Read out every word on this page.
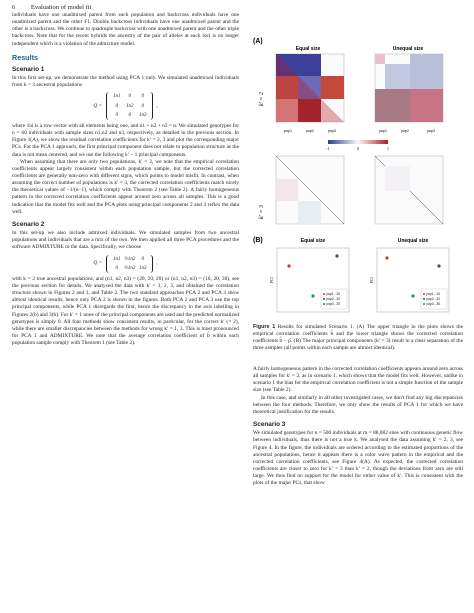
6 Evaluation of model fit

individuals have one unadmixed parent from each population and backcross individuals have one unadmixed parent and the other F1. Double backcross individuals have one unadmixed parent and the other is a backcross. We continue to quadruple backcross with one unadmixed parent and the other triple backcross. Note that for the recent hybrids the ancestry of the pair of alleles at each loci is no longer independent which is a violation of the admixture model.

Results
Scenario 1

In this first set-up, we demonstrate the method using PCA 1 only. We simulated unadmixed individuals from k = 3 ancestral populations

Q =
1n1	0	0
0	1n2	0
0	0	1n3
,

where 1ni is a row vector with all elements being one, and n1 + n2 + n3 = n. We simulated genotypes for n = 60 individuals with sample sizes n1,n2 and n3, respectively, as detailed in the previous section. In Figure 1(A), we show the residual correlation coefficients for k′ = 2, 3 and plot the corresponding major PCs. For the PCA 1 approach, the first principal component does not relate to population structure as the data is not mean centered, and we use the following k′ − 1 principal components.

When assuming that there are only two populations, k′ = 2, we note that the empirical correlation coefficients appear largely consistent within each population sample, but the corrected correlation coefficients are generally non-zero with different signs, which points to model misfit. In contrast, when assuming the correct number of populations is k′ = 3, the corrected correlation coefficients match nicely the theoretical values of −1/(n−1), which comply with Theorem 2 (see Table 2). A fairly homogeneous pattern in the corrected correlation coefficients appear around zero across all samples. This is a good indication that the model fits well and the PCA plots using principal components 2 and 3 reflex the data well.

Scenario 2

In this set-up we also include admixed individuals. We simulated samples from two ancestral populations and individuals that are a mix of the two. We then applied all three PCA procedures and the software ADMIXTURE to the data. Specifically, we choose

Q =
1n1 ½1n2	0
0	½1n2 1n3
,

with k = 2 true ancestral populations, and (n1, n2, n3) = (20, 20, 20) or (n1, n2, n3) = (10, 20, 30), see the previous section for details. We analysed the data with k′ = 1, 2, 3, and obtained the correlation structure shown in Figures 2 and 3, and Table 2. The two standard approaches PCA 2 and PCA 3 show almost identical results, hence only PCA 2 is shown in the figures. Both PCA 2 and PCA 3 use the top principal components, while PCA 1 disregards the first, hence the discrepancy in the axis labelling in Figures 2(b) and 3(b). For k′ = 1 none of the principal components are used and the predicted normalized genotypes is simply 0. All four methods show consistent results, in particular, for the correct k′ (= 2), while there are smaller discrepancies between the methods for wrong k′ = 1, 3. This is most pronounced for PCA 1 and ADMIXTURE. We note that the average correlation coefficient of b̂ within each population sample comply with Theorem 1 (see Table 2).

(A)
Equal size	Unequal size
k′ = 2
k′ = 3
pop1	pop2	pop3	pop1	pop2	pop3
-1	0	1
(B)	Equal size	Unequal size
PC3
pop1 - 20
pop2 - 20
pop3 - 20
PC3
pop1 - 10
pop2 - 20
pop3 - 30
Figure 1 Results for simulated Scenario 1. (A) The upper triangle in the plots shows the empirical correlation coefficients b̂ and the lower triangle shows the corrected correlation coefficients b̂ − ρ̂. (B) The major principal components (k′ = 3) result in a clear separation of the three samples (all points within each sample are almost identical).

A fairly homogeneous pattern in the corrected correlation coefficients appears around zero across all samples for k′ = 2, as in scenario 1, which shows that the model fits well. However, unlike in scenario 1 the bias for the empirical correlation coefficient is not a simple function of the sample size (see Table 2).

In this case, and similarly in all other investigated cases, we don't find any big discrepancies between the four methods. Therefore, we only show the results of PCA 1 for which we have theoretical justification for the results.

Scenario 3

We simulated genotypes for n = 500 individuals at m = 88,082 sites with continuous genetic flow between individuals, thus there is not a true k. We analysed the data assuming k′ = 2, 3, see Figure 4. In the figure, the individuals are ordered according to the estimated proportions of the ancestral populations, hence it appears there is a color wave pattern in the empirical and the corrected correlation coefficients, see Figure 4(A). As expected, the corrected correlation coefficients are closer to zero for k′ = 3 than k′ = 2, though the deviations from zero are still large. We thus find no support for the model for either value of k′. This is consistent with the plots of the major PCs, that show
